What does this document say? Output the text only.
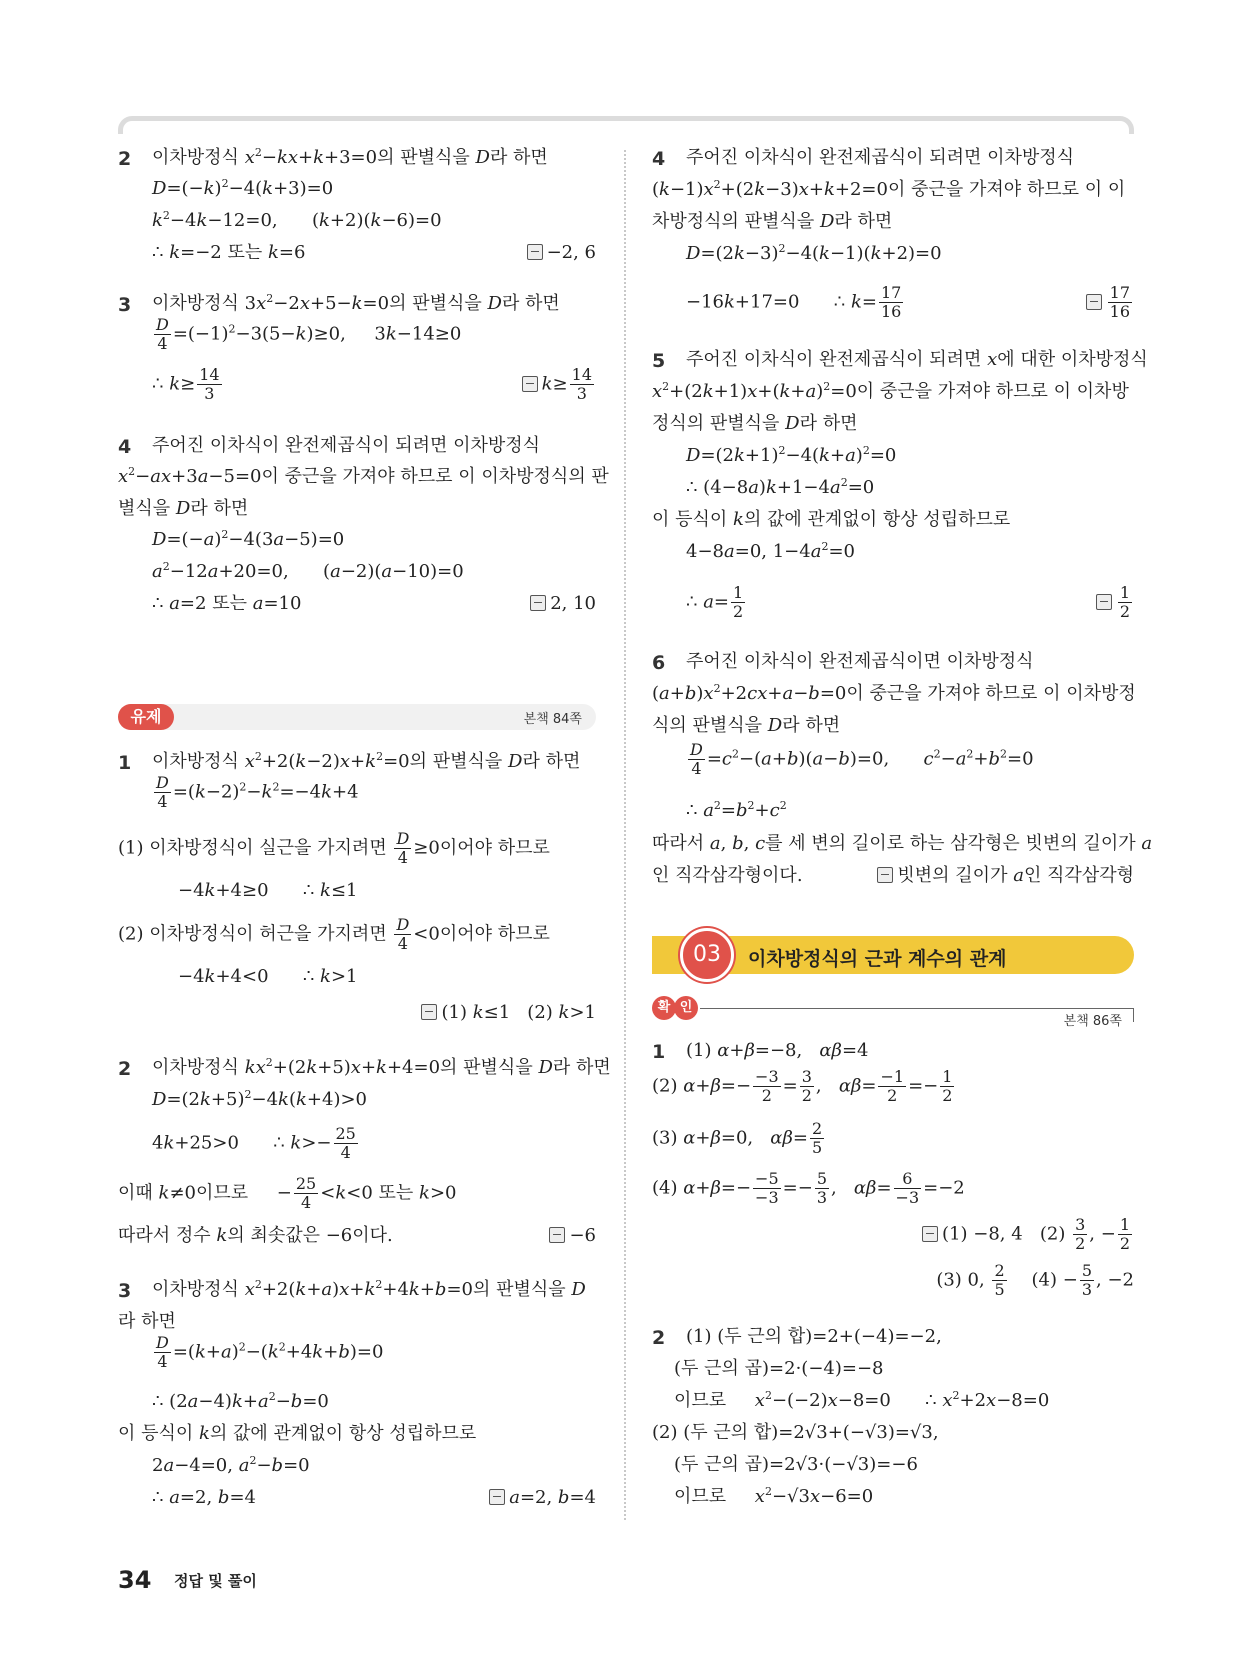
2 이차방정식 $x^2-kx+k+3=0$의 판별식을 D라 하면
$D=(-k)^2-4(k+3)=0$
$k^2-4k-12=0$,      (k+2)(k−6)=0
∴ k=−2 또는 k=6	−2, 6
3 이차방정식 $3x^2-2x+5-k=0$의 판별식을 D라 하면
$\frac{D}{4} =(-1)^2-3(5-k)\ge 0$,     3k−14≥0
∴ $k\ge \frac{14}{3}$	$k\ge \frac{14}{3}$
4 주어진 이차식이 완전제곱식이 되려면 이차방정식
$x^2-ax+3a-5=0$이 중근을 가져야 하므로 이 이차방정식의 판
별식을 D라 하면
$D=(-a)^2-4(3a-5)=0$
$a^2-12a+20=0$,      (a−2)(a−10)=0
∴ a=2 또는 a=10	2, 10
유제	본책 84쪽
1 이차방정식 $x^2+2(k-2)x+k^2=0$의 판별식을 D라 하면
$\frac{D}{4} =(k-2)^2-k^2=-4k+4$
(1) 이차방정식이 실근을 가지려면 $\frac{D}{4} \ge 0$이어야 하므로
−4k+4≥0      ∴ k≤1
(2) 이차방정식이 허근을 가지려면 $\frac{D}{4} <0$이어야 하므로
−4k+4<0      ∴ k>1
(1) k≤1   (2) k>1
2 이차방정식 $kx^2+(2k+5)x+k+4=0$의 판별식을 D라 하면
$D=(2k+5)^2-4k(k+4)>0$
4k+25>0      ∴ $k>- \frac{25}{4}$
이때 k≠0이므로     − $\frac{25}{4} <k<0$ 또는 k>0
따라서 정수 k의 최솟값은 −6이다.	−6
3 이차방정식 $x^2+2(k+a)x+k^2+4k+b=0$의 판별식을 D
라 하면
$\frac{D}{4} =(k+a)^2-(k^2+4k+b)=0$
∴ $(2a-4)k+a^2-b=0$
이 등식이 k의 값에 관계없이 항상 성립하므로
2a−4=0, $a^2-b=0$
∴ a=2, b=4	a=2, b=4
4 주어진 이차식이 완전제곱식이 되려면 이차방정식
$(k-1)x^2+(2k-3)x+k+2=0$이 중근을 가져야 하므로 이 이
차방정식의 판별식을 D라 하면
$D=(2k-3)^2-4(k-1)(k+2)=0$
−16k+17=0      ∴ $k= \frac{17}{16}$	$\frac{17}{16}$
5 주어진 이차식이 완전제곱식이 되려면 x에 대한 이차방정식
$x^2+(2k+1)x+(k+a)^2=0$이 중근을 가져야 하므로 이 이차방
정식의 판별식을 D라 하면
$D=(2k+1)^2-4(k+a)^2=0$
∴ $(4-8a)k+1-4a^2=0$
이 등식이 k의 값에 관계없이 항상 성립하므로
4−8a=0, $1-4a^2=0$
∴ $a= \frac{1}{2}$	$\frac{1}{2}$
6 주어진 이차식이 완전제곱식이면 이차방정식
$(a+b)x^2+2cx+a-b=0$이 중근을 가져야 하므로 이 이차방정
식의 판별식을 D라 하면
$\frac{D}{4} =c^2-(a+b)(a-b)=0$,      $c^2-a^2+b^2=0$
∴ $a^2=b^2+c^2$
따라서 a, b, c를 세 변의 길이로 하는 삼각형은 빗변의 길이가 a
인 직각삼각형이다.	빗변의 길이가 a인 직각삼각형
03	이차방정식의 근과 계수의 관계
확 인
본책 86쪽
1 (1) α+β=−8,   αβ=4
(2) $\alpha+\beta=- \frac{-3}{2} = \frac{3}{2}$ ,   $\alpha\beta= \frac{-1}{2} =- \frac{1}{2}$
(3) α+β=0,   $\alpha\beta= \frac{2}{5}$
(4) $\alpha+\beta=- \frac{-5}{-3} =- \frac{5}{3}$ ,   $\alpha\beta= \frac{6}{-3} =-2$
(1) −8, 4   $(2) \frac{3}{2}$ , − $\frac{1}{2}$
(3) 0, $\frac{2}{5} (4) - \frac{5}{3}$ , −2
2 (1) (두 근의 합)=2+(−4)=−2,
(두 근의 곱)=2·(−4)=−8
이므로 $x^2-(-2)x-8=0$      ∴ $x^2+2x-8=0$
(2) (두 근의 합)=2√3+(−√3)=√3,
(두 근의 곱)=2√3·(−√3)=−6
이므로 $x^2-√3x-6=0$
34 정답 및 풀이
